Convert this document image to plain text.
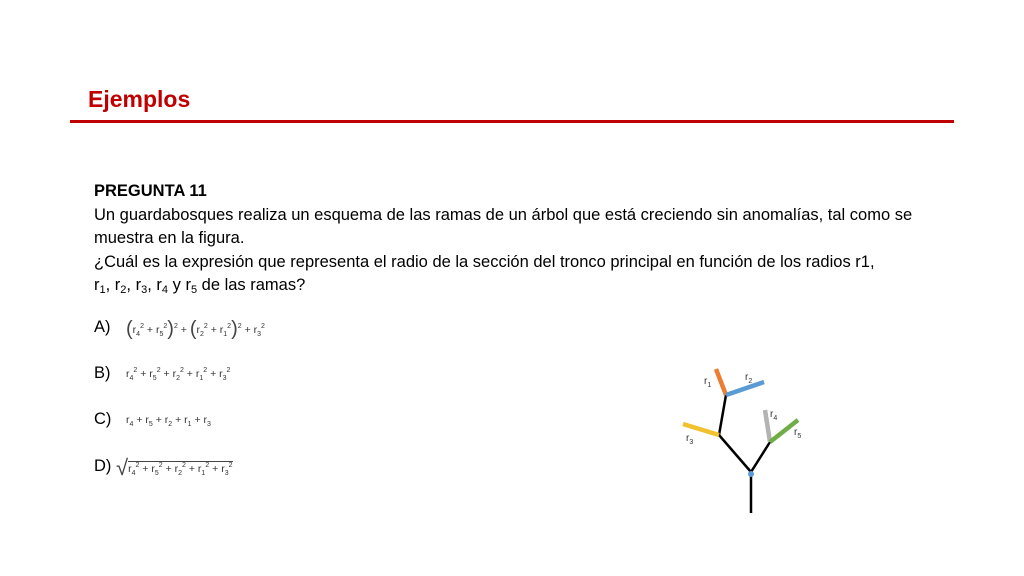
Ejemplos

PREGUNTA 11

Un guardabosques realiza un esquema de las ramas de un árbol que está creciendo sin anomalías, tal como se muestra en la figura.

¿Cuál es la expresión que representa el radio de la sección del tronco principal en función de los radios r1,
$r_1$, $r_2$, $r_3$, $r_4$ y $r_5$ de las ramas?

A)
B)
C)
D)
$(r_4^2 + r_5^2)^2 + (r_2^2 + r_1^2)^2 + r_3^2$
$r_4^2 + r_5^2 + r_2^2 + r_1^2 + r_3^2$
$r_4 + r_5 + r_2 + r_1 + r_3$
$√r_4^2 + r_5^2 + r_2^2 + r_1^2 + r_3^2$
$r_1$
$r_2$
$r_3$
$r_4$
$r_5$
